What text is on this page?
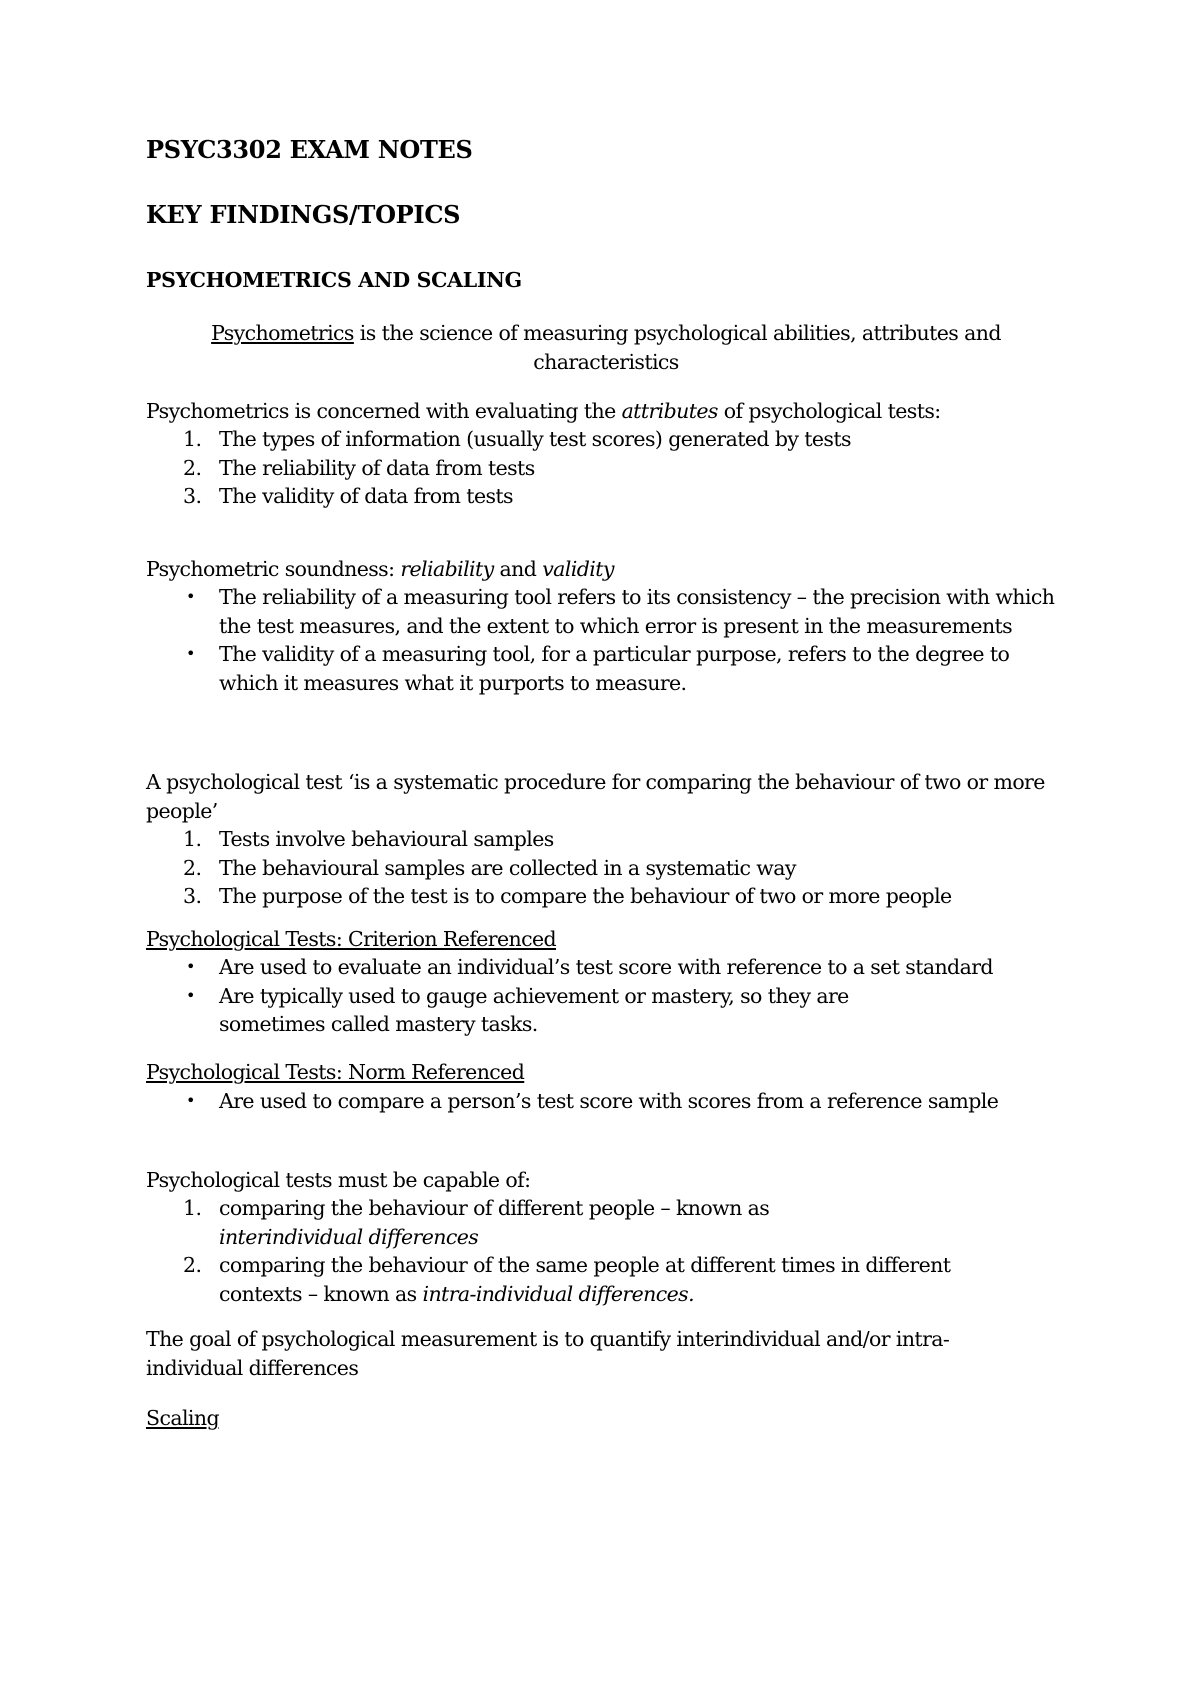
PSYC3302 EXAM NOTES
KEY FINDINGS/TOPICS
PSYCHOMETRICS AND SCALING
Psychometrics is the science of measuring psychological abilities, attributes and characteristics
Psychometrics is concerned with evaluating the attributes of psychological tests:
1. The types of information (usually test scores) generated by tests
2. The reliability of data from tests
3. The validity of data from tests
Psychometric soundness: reliability and validity
• The reliability of a measuring tool refers to its consistency – the precision with which the test measures, and the extent to which error is present in the measurements
• The validity of a measuring tool, for a particular purpose, refers to the degree to which it measures what it purports to measure.
A psychological test ‘is a systematic procedure for comparing the behaviour of two or more people’
1. Tests involve behavioural samples
2. The behavioural samples are collected in a systematic way
3. The purpose of the test is to compare the behaviour of two or more people
Psychological Tests: Criterion Referenced
• Are used to evaluate an individual’s test score with reference to a set standard
• Are typically used to gauge achievement or mastery, so they are sometimes called mastery tasks.
Psychological Tests: Norm Referenced
• Are used to compare a person’s test score with scores from a reference sample
Psychological tests must be capable of:
1. comparing the behaviour of different people – known as interindividual differences
2. comparing the behaviour of the same people at different times in different contexts – known as intra-individual differences.
The goal of psychological measurement is to quantify interindividual and/or intra-individual differences
Scaling
